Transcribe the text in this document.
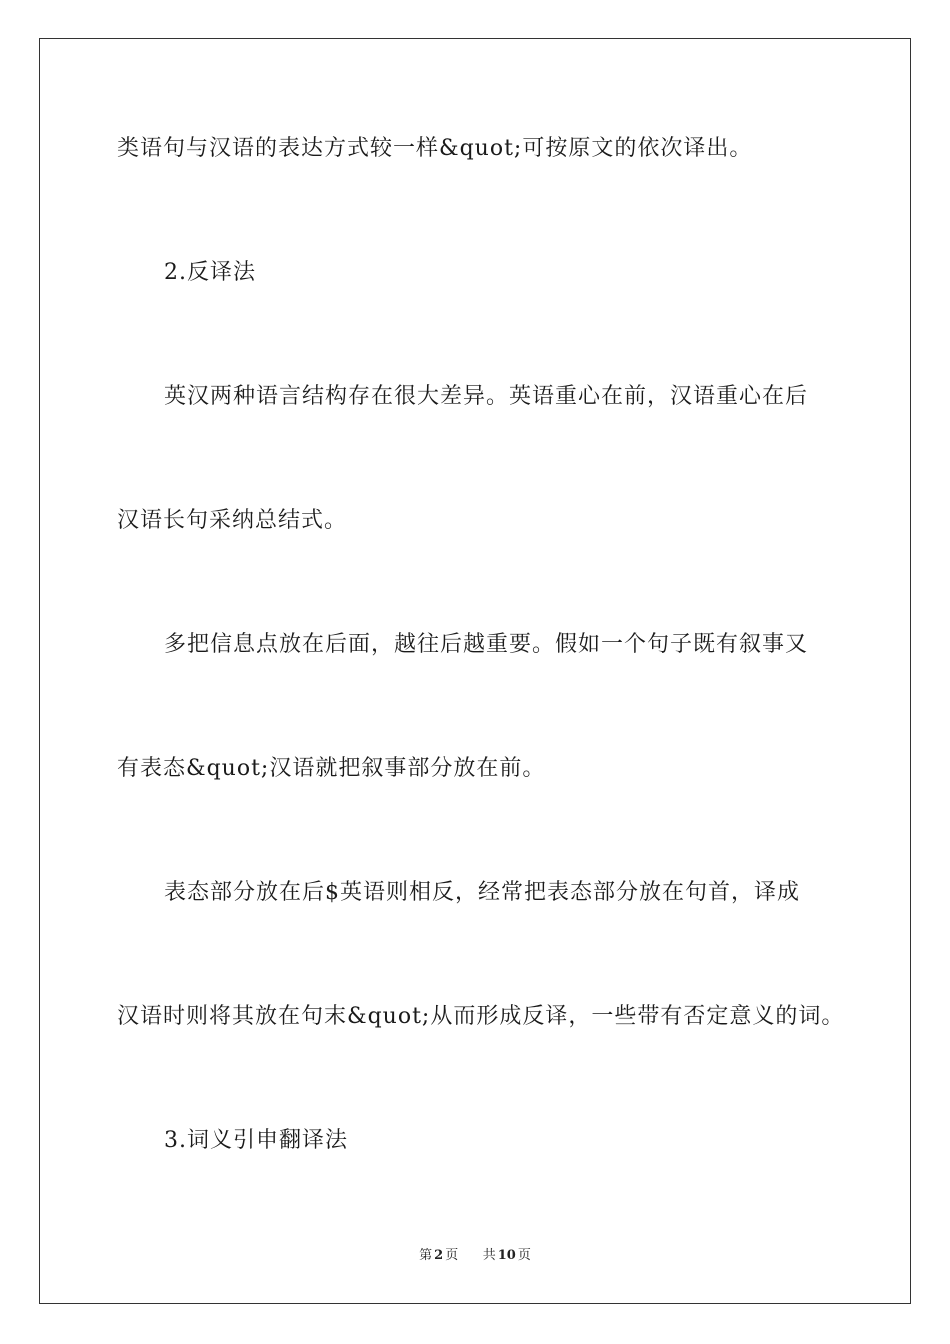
类语句与汉语的表达方式较一样&quot;可按原文的依次译出。
2.反译法
英汉两种语言结构存在很大差异。英语重心在前，汉语重心在后
汉语长句采纳总结式。
多把信息点放在后面，越往后越重要。假如一个句子既有叙事又
有表态&quot;汉语就把叙事部分放在前。
表态部分放在后$英语则相反，经常把表态部分放在句首，译成
汉语时则将其放在句末&quot;从而形成反译，一些带有否定意义的词。
3.词义引申翻译法
第 2 页 共 10 页
